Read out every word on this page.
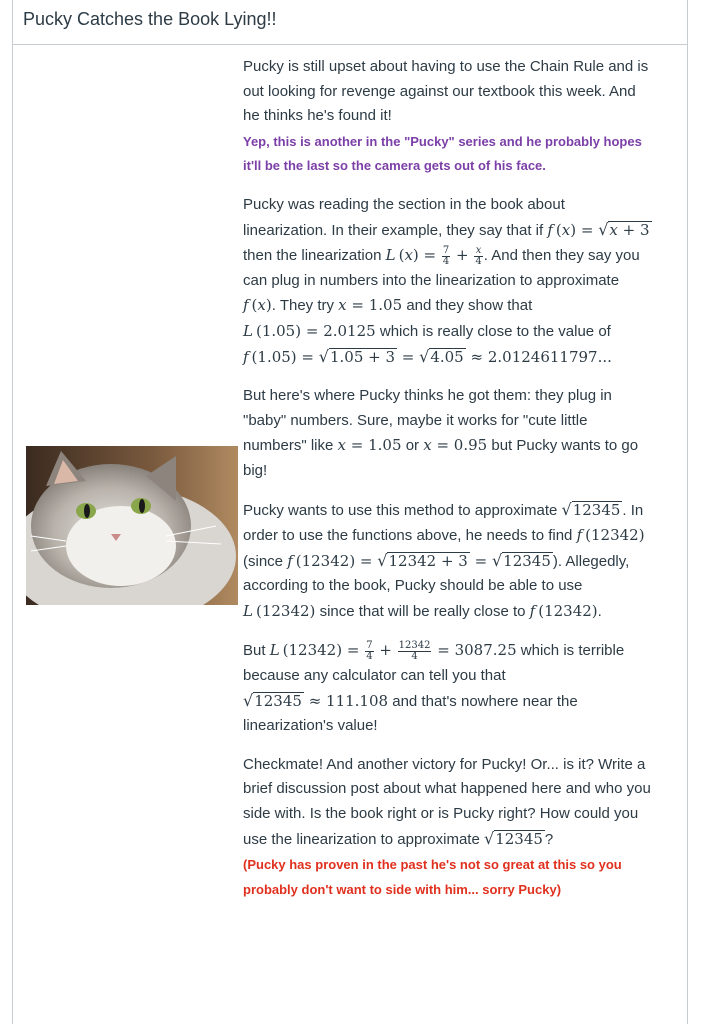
Pucky Catches the Book Lying!!

Pucky is still upset about having to use the Chain Rule and is out looking for revenge against our textbook this week. And he thinks he's found it!
Yep, this is another in the "Pucky" series and he probably hopes it'll be the last so the camera gets out of his face.

Pucky was reading the section in the book about linearization. In their example, they say that if f (x) = √x + 3 then the linearization L $(x) = \frac{7}{4} + \frac{x}{4}$ . And then they say you can plug in numbers into the linearization to approximate f (x). They try x = 1.05 and they show that L (1.05) = 2.0125 which is really close to the value of f (1.05) = √1.05 + 3 = √4.05 ≈ 2.0124611797...

But here's where Pucky thinks he got them: they plug in "baby" numbers. Sure, maybe it works for "cute little numbers" like x = 1.05 or x = 0.95 but Pucky wants to go big!

Pucky wants to use this method to approximate √12345 . In order to use the functions above, he needs to find f (12342) (since f (12342) = √12342 + 3 = √12345 ). Allegedly, according to the book, Pucky should be able to use L (12342) since that will be really close to f (12342).

But L $(12342) = \frac{7}{4} + \frac{12342}{4} = 3087.25$ which is terrible because any calculator can tell you that √12345 ≈ 111.108 and that's nowhere near the linearization's value!

Checkmate! And another victory for Pucky! Or... is it? Write a brief discussion post about what happened here and who you side with. Is the book right or is Pucky right? How could you use the linearization to approximate √12345 ?
(Pucky has proven in the past he's not so great at this so you probably don't want to side with him... sorry Pucky)
